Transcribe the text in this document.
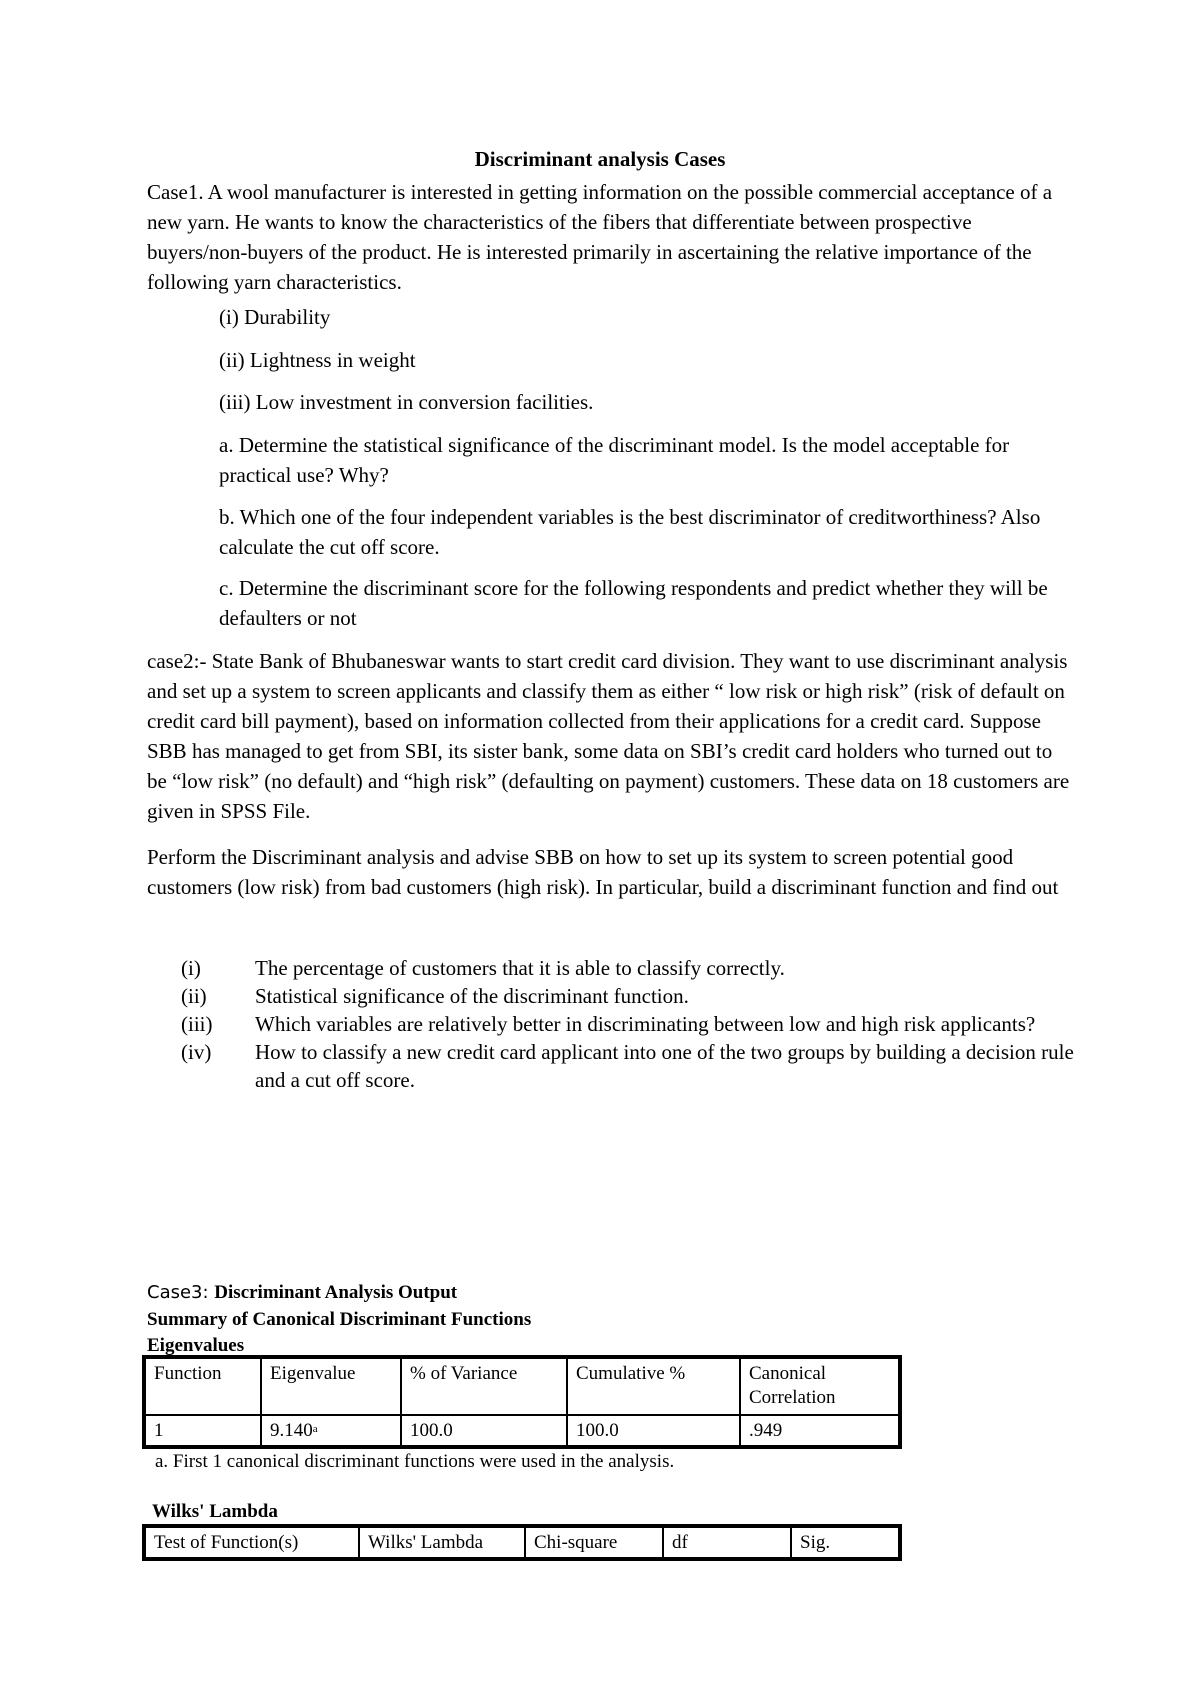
Discriminant analysis Cases
Case1. A wool manufacturer is interested in getting information on the possible commercial acceptance of a new yarn. He wants to know the characteristics of the fibers that differentiate between prospective buyers/non-buyers of the product. He is interested primarily in ascertaining the relative importance of the following yarn characteristics.
(i) Durability
(ii) Lightness in weight
(iii) Low investment in conversion facilities.
a. Determine the statistical significance of the discriminant model. Is the model acceptable for practical use? Why?
b. Which one of the four independent variables is the best discriminator of creditworthiness? Also calculate the cut off score.
c. Determine the discriminant score for the following respondents and predict whether they will be defaulters or not
case2:- State Bank of Bhubaneswar wants to start credit card division. They want to use discriminant analysis and set up a system to screen applicants and classify them as either “ low risk or high risk” (risk of default on credit card bill payment), based on information collected from their applications for a credit card. Suppose SBB has managed to get from SBI, its sister bank, some data on SBI’s credit card holders who turned out to be “low risk” (no default) and “high risk” (defaulting on payment) customers. These data on 18 customers are given in SPSS File.
Perform the Discriminant analysis and advise SBB on how to set up its system to screen potential good customers (low risk) from bad customers (high risk). In particular, build a discriminant function and find out
(i)	The percentage of customers that it is able to classify correctly.
(ii)	Statistical significance of the discriminant function.
(iii)	Which variables are relatively better in discriminating between low and high risk applicants?
(iv)	How to classify a new credit card applicant into one of the two groups by building a decision rule and a cut off score.
Case3: Discriminant Analysis Output
Summary of Canonical Discriminant Functions
Eigenvalues
Function	Eigenvalue	% of Variance	Cumulative %	Canonical Correlation
1	9.140$^a$	100.0	100.0	.949
a. First 1 canonical discriminant functions were used in the analysis.
Wilks' Lambda
Test of Function(s)	Wilks' Lambda	Chi-square	df	Sig.
